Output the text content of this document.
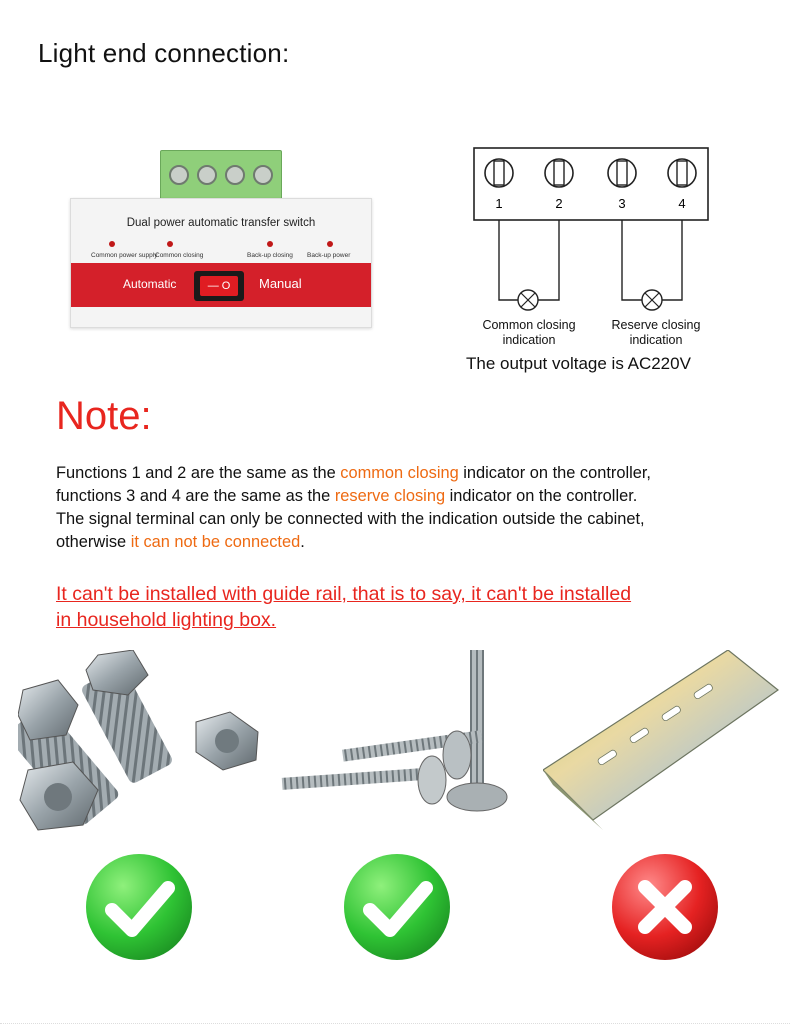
Light end connection:
Dual power automatic transfer switch
Common power supply
Common closing	Back-up closing Back-up power
Automatic	— O	Manual
1	2	3	4
Common closing
indication
Reserve closing
indication
The output voltage is AC220V
Note:
Functions 1 and 2 are the same as the common closing indicator on the controller,
functions 3 and 4 are the same as the reserve closing indicator on the controller.
The signal terminal can only be connected with the indication outside the cabinet,
otherwise it can not be connected.
It can't be installed with guide rail, that is to say, it can't be installed
in household lighting box.
